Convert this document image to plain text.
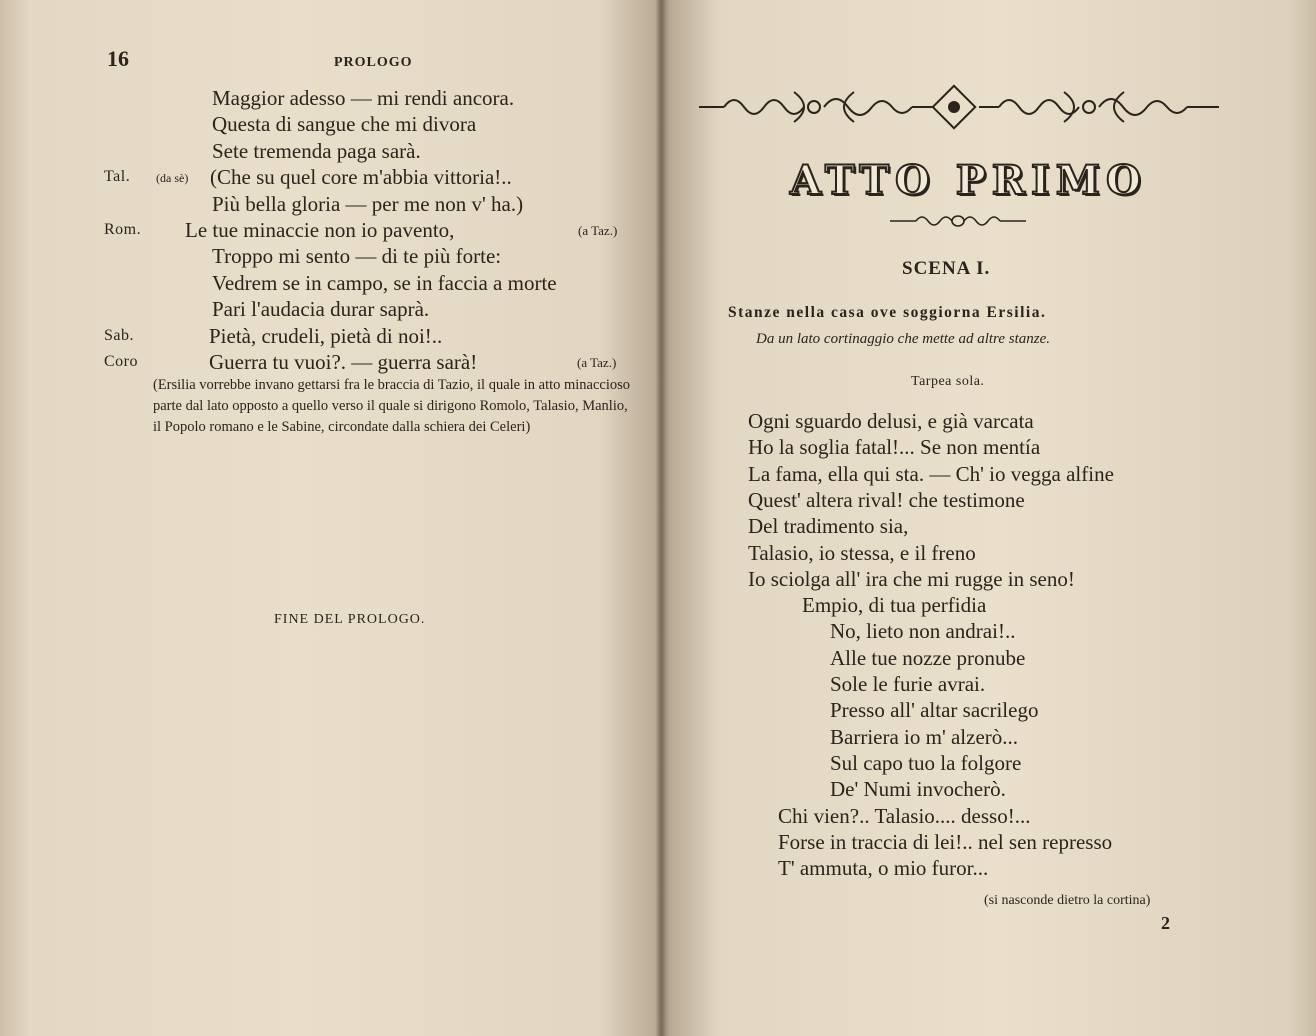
16	PROLOGO
Maggior adesso — mi rendi ancora.
Questa di sangue che mi divora
Sete tremenda paga sarà.
Tal. (da sè) (Che su quel core m'abbia vittoria!..
Più bella gloria — per me non v' ha.)
Rom. Le tue minaccie non io pavento,	(a Taz.)
Troppo mi sento — di te più forte:
Vedrem se in campo, se in faccia a morte
Pari l'audacia durar saprà.
Sab.	Pietà, crudeli, pietà di noi!..
Coro	Guerra tu vuoi?. — guerra sarà!	(a Taz.)
(Ersilia vorrebbe invano gettarsi fra le braccia di Tazio, il quale in atto minaccioso parte dal lato opposto a quello verso il quale si dirigono Romolo, Talasio, Manlio, il Popolo romano e le Sabine, circondate dalla schiera dei Celeri)
FINE DEL PROLOGO.
ATTO PRIMO
SCENA I.
Stanze nella casa ove soggiorna Ersilia.
Da un lato cortinaggio che mette ad altre stanze.
Tarpea sola.
Ogni sguardo delusi, e già varcata
Ho la soglia fatal!... Se non mentía
La fama, ella qui sta. — Ch' io vegga alfine
Quest' altera rival! che testimone
Del tradimento sia,
Talasio, io stessa, e il freno
Io sciolga all' ira che mi rugge in seno!
Empio, di tua perfidia
No, lieto non andrai!..
Alle tue nozze pronube
Sole le furie avrai.
Presso all' altar sacrilego
Barriera io m' alzerò...
Sul capo tuo la folgore
De' Numi invocherò.
Chi vien?.. Talasio.... desso!...
Forse in traccia di lei!.. nel sen represso
T' ammuta, o mio furor...
(si nasconde dietro la cortina)
2
